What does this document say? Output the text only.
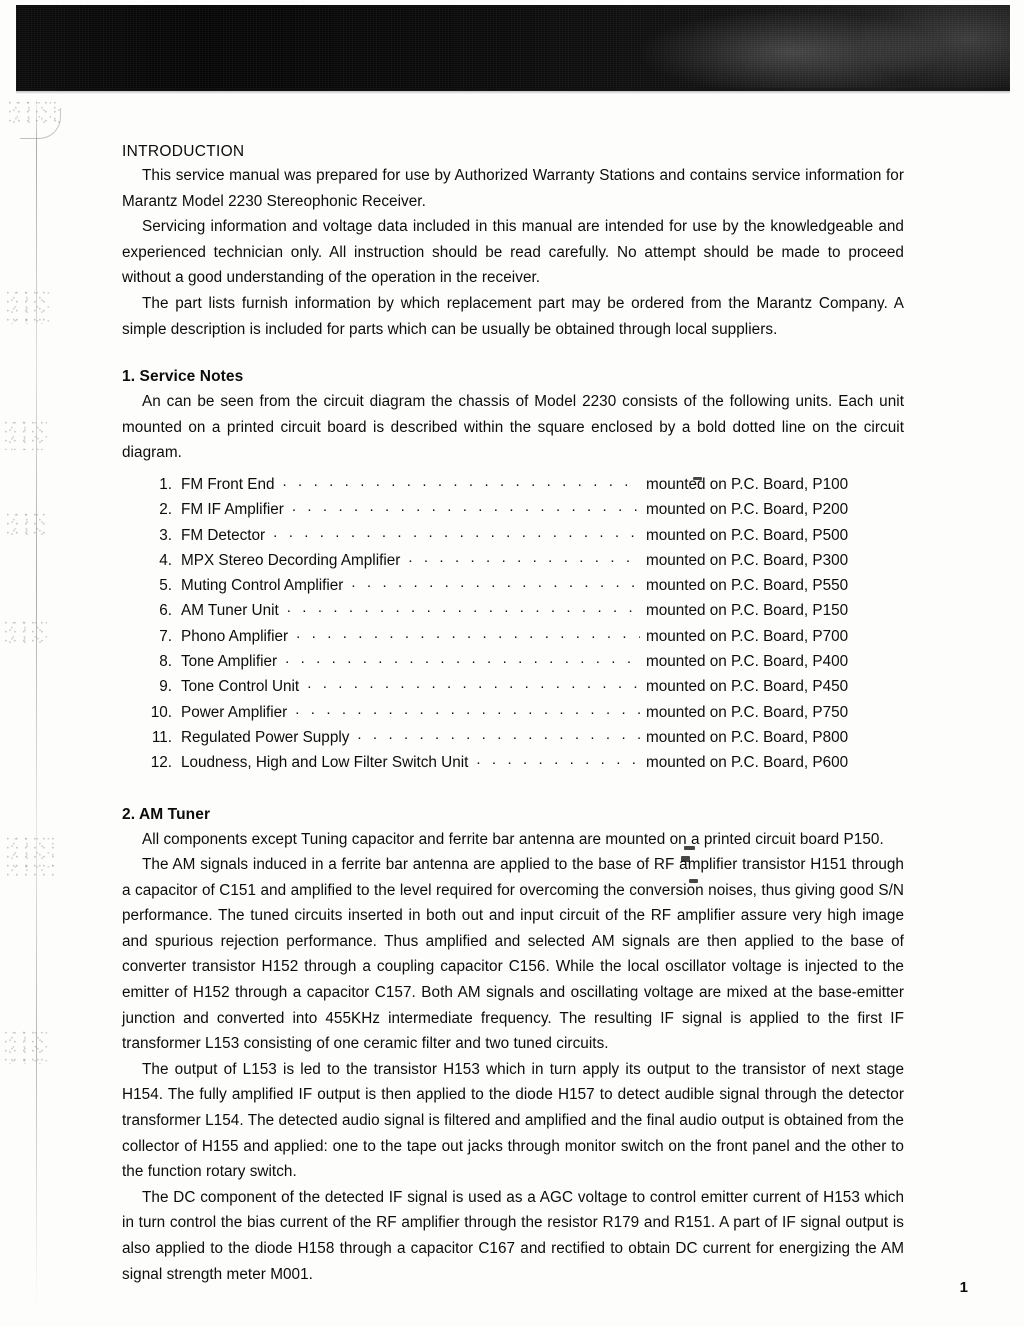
INTRODUCTION

This service manual was prepared for use by Authorized Warranty Stations and contains service information for Marantz Model 2230 Stereophonic Receiver.

Servicing information and voltage data included in this manual are intended for use by the knowledgeable and experienced technician only. All instruction should be read carefully. No attempt should be made to proceed without a good understanding of the operation in the receiver.

The part lists furnish information by which replacement part may be ordered from the Marantz Company. A simple description is included for parts which can be usually be obtained through local suppliers.

1. Service Notes

An can be seen from the circuit diagram the chassis of Model 2230 consists of the following units. Each unit mounted on a printed circuit board is described within the square enclosed by a bold dotted line on the circuit diagram.

1. FM Front End . . .	mounted on P.C. Board, P100
2. FM IF Amplifier . . .	mounted on P.C. Board, P200
3. FM Detector . . .	mounted on P.C. Board, P500
4. MPX Stereo Decording Amplifier . . .	mounted on P.C. Board, P300
5. Muting Control Amplifier . . .	mounted on P.C. Board, P550
6. AM Tuner Unit . . .	mounted on P.C. Board, P150
7. Phono Amplifier . . .	mounted on P.C. Board, P700
8. Tone Amplifier . . .	mounted on P.C. Board, P400
9. Tone Control Unit . . .	mounted on P.C. Board, P450
10. Power Amplifier . . .	mounted on P.C. Board, P750
11. Regulated Power Supply . . .	mounted on P.C. Board, P800
12. Loudness, High and Low Filter Switch Unit . . .	mounted on P.C. Board, P600
2. AM Tuner

All components except Tuning capacitor and ferrite bar antenna are mounted on a printed circuit board P150.

The AM signals induced in a ferrite bar antenna are applied to the base of RF amplifier transistor H151 through a capacitor of C151 and amplified to the level required for overcoming the conversion noises, thus giving good S/N performance. The tuned circuits inserted in both out and input circuit of the RF amplifier assure very high image and spurious rejection performance. Thus amplified and selected AM signals are then applied to the base of converter transistor H152 through a coupling capacitor C156. While the local oscillator voltage is injected to the emitter of H152 through a capacitor C157. Both AM signals and oscillating voltage are mixed at the base-emitter junction and converted into 455KHz intermediate frequency. The resulting IF signal is applied to the first IF transformer L153 consisting of one ceramic filter and two tuned circuits.

The output of L153 is led to the transistor H153 which in turn apply its output to the transistor of next stage H154. The fully amplified IF output is then applied to the diode H157 to detect audible signal through the detector transformer L154. The detected audio signal is filtered and amplified and the final audio output is obtained from the collector of H155 and applied: one to the tape out jacks through monitor switch on the front panel and the other to the function rotary switch.

The DC component of the detected IF signal is used as a AGC voltage to control emitter current of H153 which in turn control the bias current of the RF amplifier through the resistor R179 and R151. A part of IF signal output is also applied to the diode H158 through a capacitor C167 and rectified to obtain DC current for energizing the AM signal strength meter M001.

1
